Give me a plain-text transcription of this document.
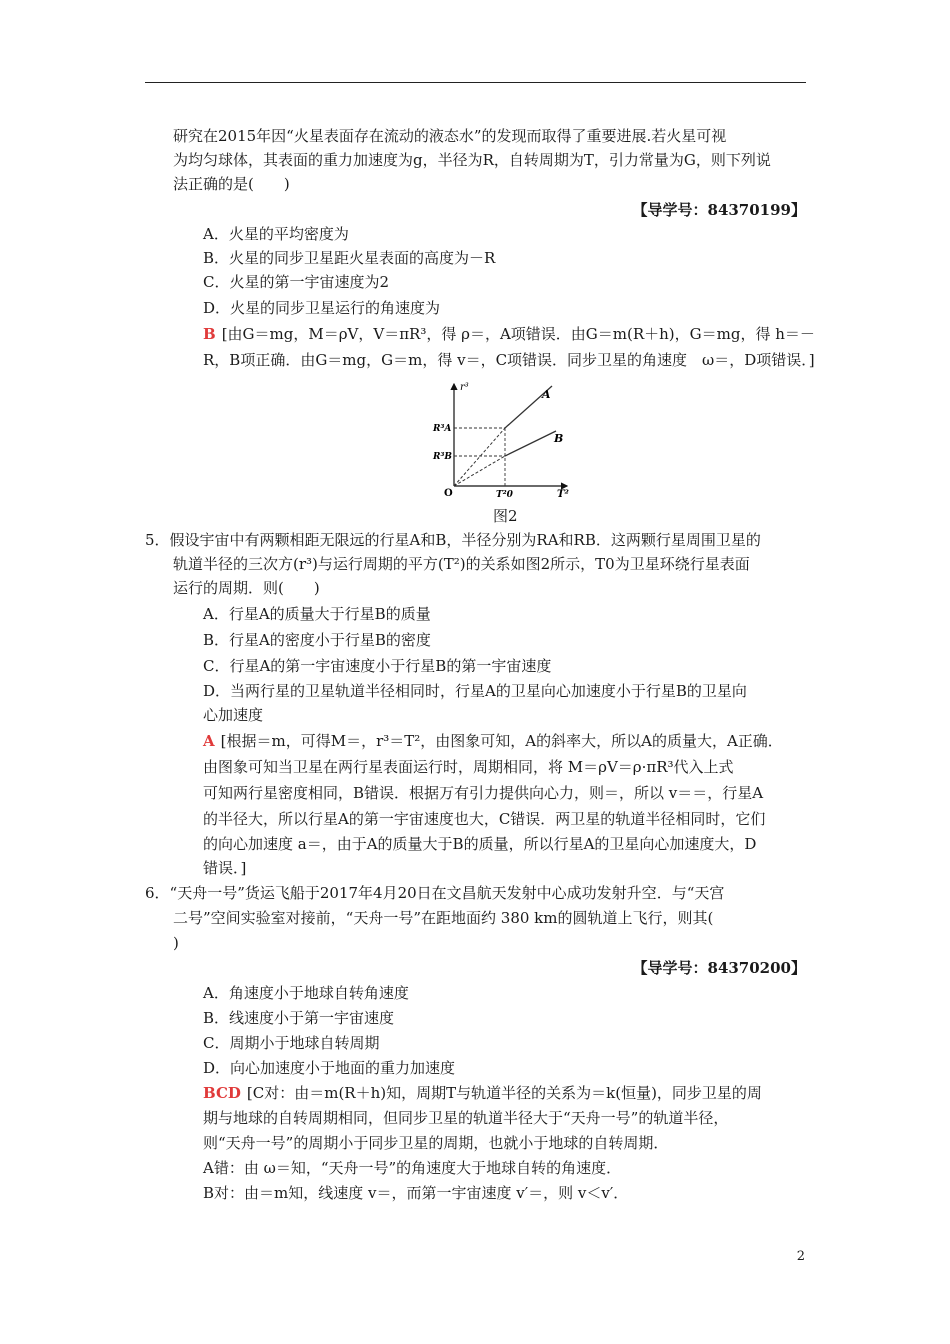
研究在2015年因“火星表面存在流动的液态水”的发现而取得了重要进展.若火星可视
为均匀球体，其表面的重力加速度为g，半径为R，自转周期为T，引力常量为G，则下列说
法正确的是(　　)
【导学号：84370199】
A．火星的平均密度为
B．火星的同步卫星距火星表面的高度为－R
C．火星的第一宇宙速度为2
D．火星的同步卫星运行的角速度为
B [由G＝mg，M＝ρV，V＝πR³，得 ρ＝，A项错误．由G＝m(R＋h)，G＝mg，得 h＝－
R，B项正确．由G＝mg，G＝m，得 v＝，C项错误．同步卫星的角速度　ω＝，D项错误．]
r³
T²
O
R³A
R³B
T²0
A
B
图2
5．假设宇宙中有两颗相距无限远的行星A和B，半径分别为RA和RB．这两颗行星周围卫星的
轨道半径的三次方(r³)与运行周期的平方(T²)的关系如图2所示，T0为卫星环绕行星表面
运行的周期．则(　　)
A．行星A的质量大于行星B的质量
B．行星A的密度小于行星B的密度
C．行星A的第一宇宙速度小于行星B的第一宇宙速度
D．当两行星的卫星轨道半径相同时，行星A的卫星向心加速度小于行星B的卫星向
心加速度
A [根据＝m，可得M＝，r³＝T²，由图象可知，A的斜率大，所以A的质量大，A正确．
由图象可知当卫星在两行星表面运行时，周期相同，将 M＝ρV＝ρ·πR³代入上式
可知两行星密度相同，B错误．根据万有引力提供向心力，则＝，所以 v＝＝，行星A
的半径大，所以行星A的第一宇宙速度也大，C错误．两卫星的轨道半径相同时，它们
的向心加速度 a＝，由于A的质量大于B的质量，所以行星A的卫星向心加速度大，D
错误．]
6．“天舟一号”货运飞船于2017年4月20日在文昌航天发射中心成功发射升空．与“天宫
二号”空间实验室对接前，“天舟一号”在距地面约 380 km的圆轨道上飞行，则其(
)
【导学号：84370200】
A．角速度小于地球自转角速度
B．线速度小于第一宇宙速度
C．周期小于地球自转周期
D．向心加速度小于地面的重力加速度
BCD [C对：由＝m(R＋h)知，周期T与轨道半径的关系为＝k(恒量)，同步卫星的周
期与地球的自转周期相同，但同步卫星的轨道半径大于“天舟一号”的轨道半径，
则“天舟一号”的周期小于同步卫星的周期，也就小于地球的自转周期．
A错：由 ω＝知，“天舟一号”的角速度大于地球自转的角速度．
B对：由＝m知，线速度 v＝，而第一宇宙速度 v′＝，则 v＜v′．
2
